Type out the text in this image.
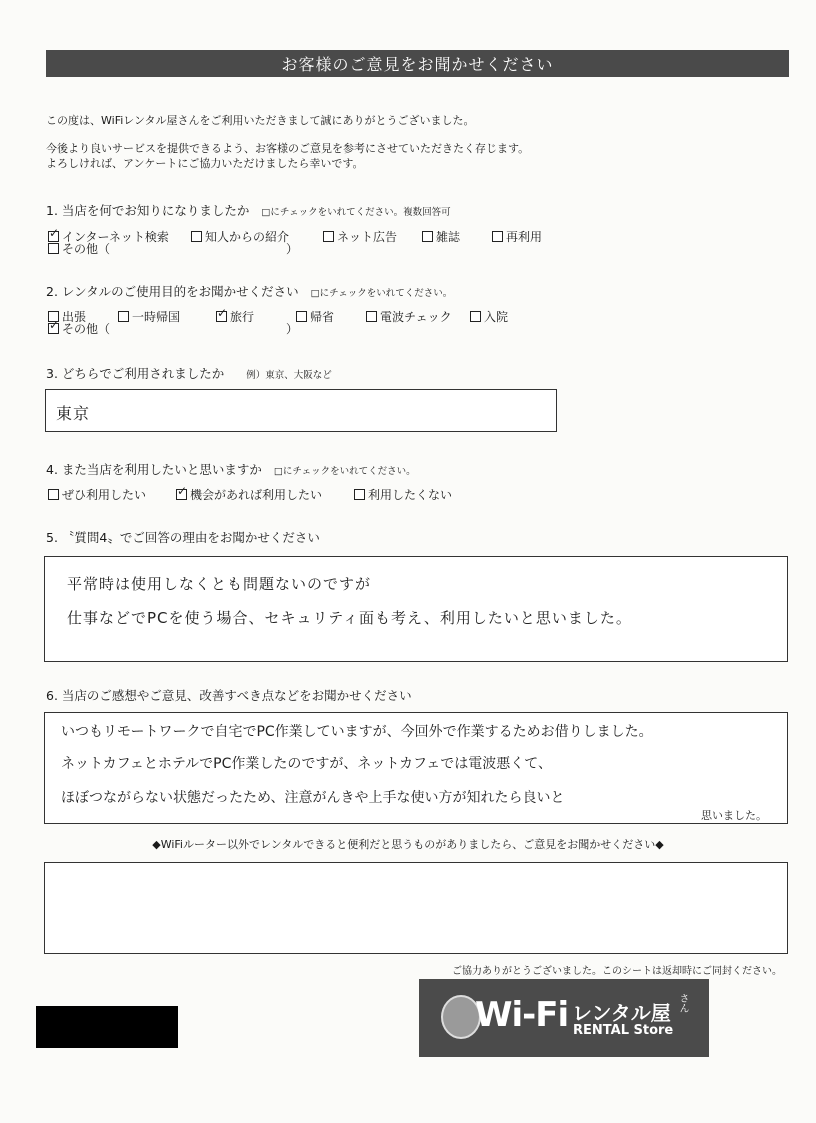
お客様のご意見をお聞かせください
この度は、WiFiレンタル屋さんをご利用いただきまして誠にありがとうございました。
今後より良いサービスを提供できるよう、お客様のご意見を参考にさせていただきたく存じます。
よろしければ、アンケートにご協力いただけましたら幸いです。
1. 当店を何でお知りになりましたか □にチェックをいれてください。複数回答可
✓
インターネット検索	知人からの紹介	ネット広告	雑誌	再利用
その他（	）
2. レンタルのご使用目的をお聞かせください □にチェックをいれてください。
出張	一時帰国 ✓	旅行	帰省	電波チェック	入院
✓
その他（	）
3. どちらでご利用されましたか 例）東京、大阪など
東京
4. また当店を利用したいと思いますか □にチェックをいれてください。
ぜひ利用したい ✓	機会があれば利用したい	利用したくない
5. 〝質問4〟でご回答の理由をお聞かせください
平常時は使用しなくとも問題ないのですが
仕事などでPCを使う場合、セキュリティ面も考え、利用したいと思いました。
6. 当店のご感想やご意見、改善すべき点などをお聞かせください
いつもリモートワークで自宅でPC作業していますが、今回外で作業するためお借りしました。
ネットカフェとホテルでPC作業したのですが、ネットカフェでは電波悪くて、
ほぼつながらない状態だったため、注意がんきや上手な使い方が知れたら良いと
思いました。
◆WiFiルーター以外でレンタルできると便利だと思うものがありましたら、ご意見をお聞かせください◆
ご協力ありがとうございました。このシートは返却時にご同封ください。
Wi-Fi レンタル屋 さん
RENTAL Store
